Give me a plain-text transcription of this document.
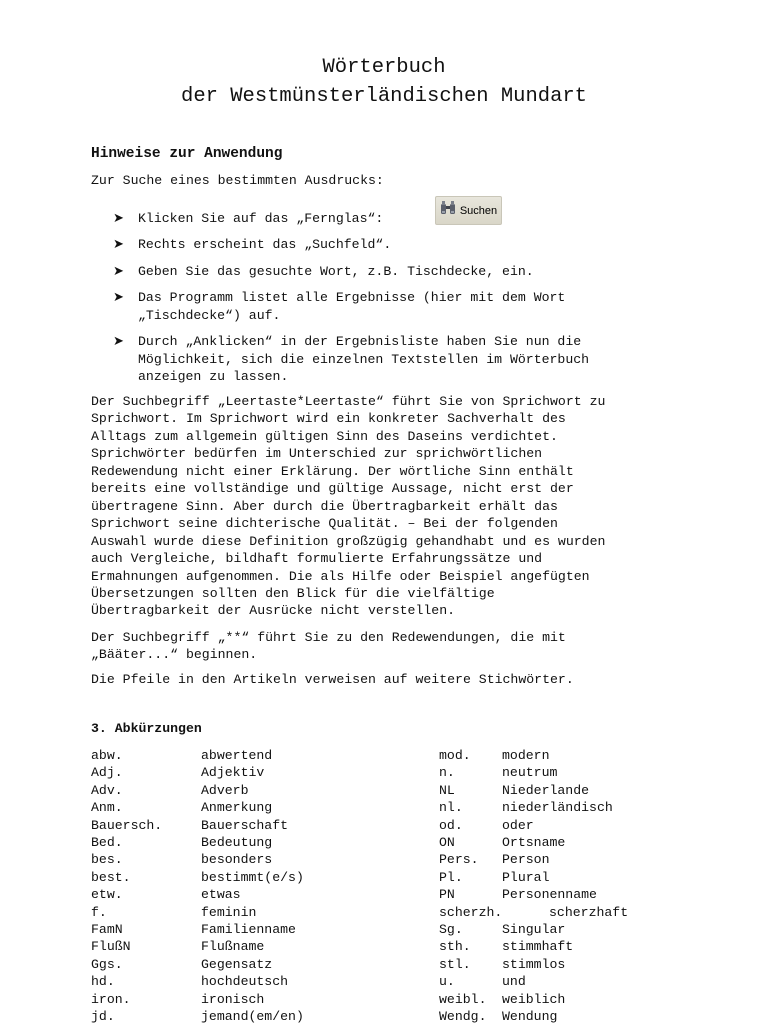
Wörterbuch
der Westmünsterländischen Mundart
Hinweise zur Anwendung
Zur Suche eines bestimmten Ausdrucks:
➤ Klicken Sie auf das „Fernglas“:
➤ Rechts erscheint das „Suchfeld“.
➤ Geben Sie das gesuchte Wort, z.B. Tischdecke, ein.
➤ Das Programm listet alle Ergebnisse (hier mit dem Wort
„Tischdecke“) auf.
➤ Durch „Anklicken“ in der Ergebnisliste haben Sie nun die
Möglichkeit, sich die einzelnen Textstellen im Wörterbuch
anzeigen zu lassen.
Suchen
Der Suchbegriff „Leertaste*Leertaste“ führt Sie von Sprichwort zu
Sprichwort. Im Sprichwort wird ein konkreter Sachverhalt des
Alltags zum allgemein gültigen Sinn des Daseins verdichtet.
Sprichwörter bedürfen im Unterschied zur sprichwörtlichen
Redewendung nicht einer Erklärung. Der wörtliche Sinn enthält
bereits eine vollständige und gültige Aussage, nicht erst der
übertragene Sinn. Aber durch die Übertragbarkeit erhält das
Sprichwort seine dichterische Qualität. – Bei der folgenden
Auswahl wurde diese Definition großzügig gehandhabt und es wurden
auch Vergleiche, bildhaft formulierte Erfahrungssätze und
Ermahnungen aufgenommen. Die als Hilfe oder Beispiel angefügten
Übersetzungen sollten den Blick für die vielfältige
Übertragbarkeit der Ausrücke nicht verstellen.
Der Suchbegriff „**“ führt Sie zu den Redewendungen, die mit
„Bääter...“ beginnen.
Die Pfeile in den Artikeln verweisen auf weitere Stichwörter.
3. Abkürzungen
abw.	abwertend
Adj.	Adjektiv
Adv.	Adverb
Anm.	Anmerkung
Bauersch.	Bauerschaft
Bed.	Bedeutung
bes.	besonders
best.	bestimmt(e/s)
etw.	etwas
f.	feminin
FamN	Familienname
FlußN	Flußname
Ggs.	Gegensatz
hd.	hochdeutsch
iron.	ironisch
jd.	jemand(em/en)
mod. modern
n.	neutrum
NL	Niederlande
nl.	niederländisch
od.	oder
ON	Ortsname
Pers. Person
Pl.	Plural
PN	Personenname
scherzh.	scherzhaft
Sg.	Singular
sth. stimmhaft
stl. stimmlos
u.	und
weibl. weiblich
Wendg. Wendung
